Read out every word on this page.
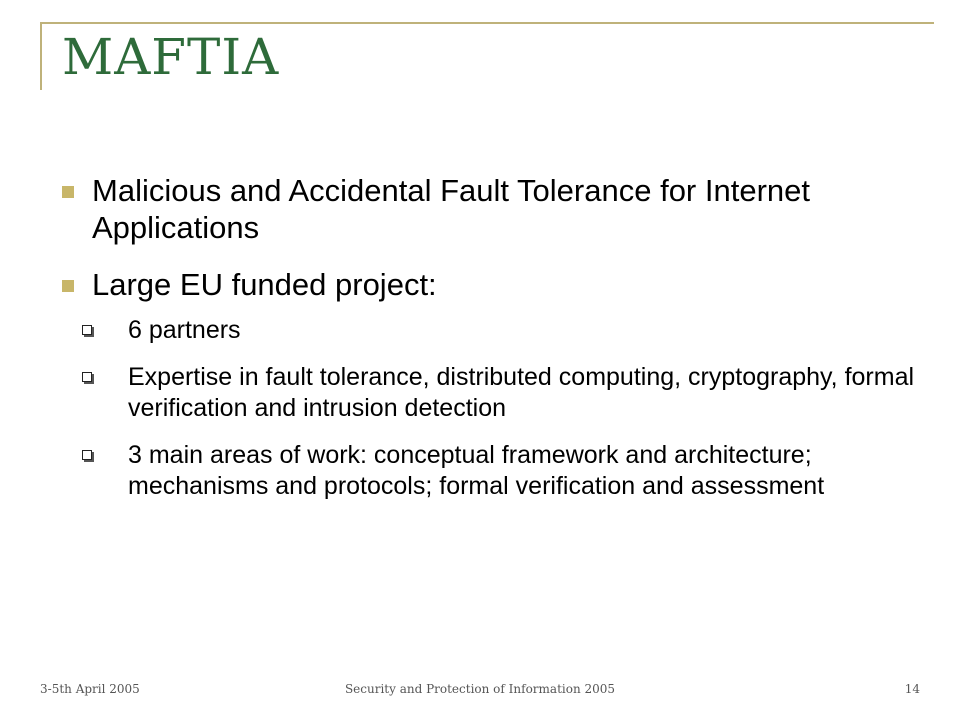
MAFTIA
Malicious and Accidental Fault Tolerance for Internet Applications
Large EU funded project:
6 partners
Expertise in fault tolerance, distributed computing, cryptography, formal verification and intrusion detection
3 main areas of work: conceptual framework and architecture; mechanisms and protocols; formal verification and assessment
3-5th April 2005	Security and Protection of Information 2005	14
